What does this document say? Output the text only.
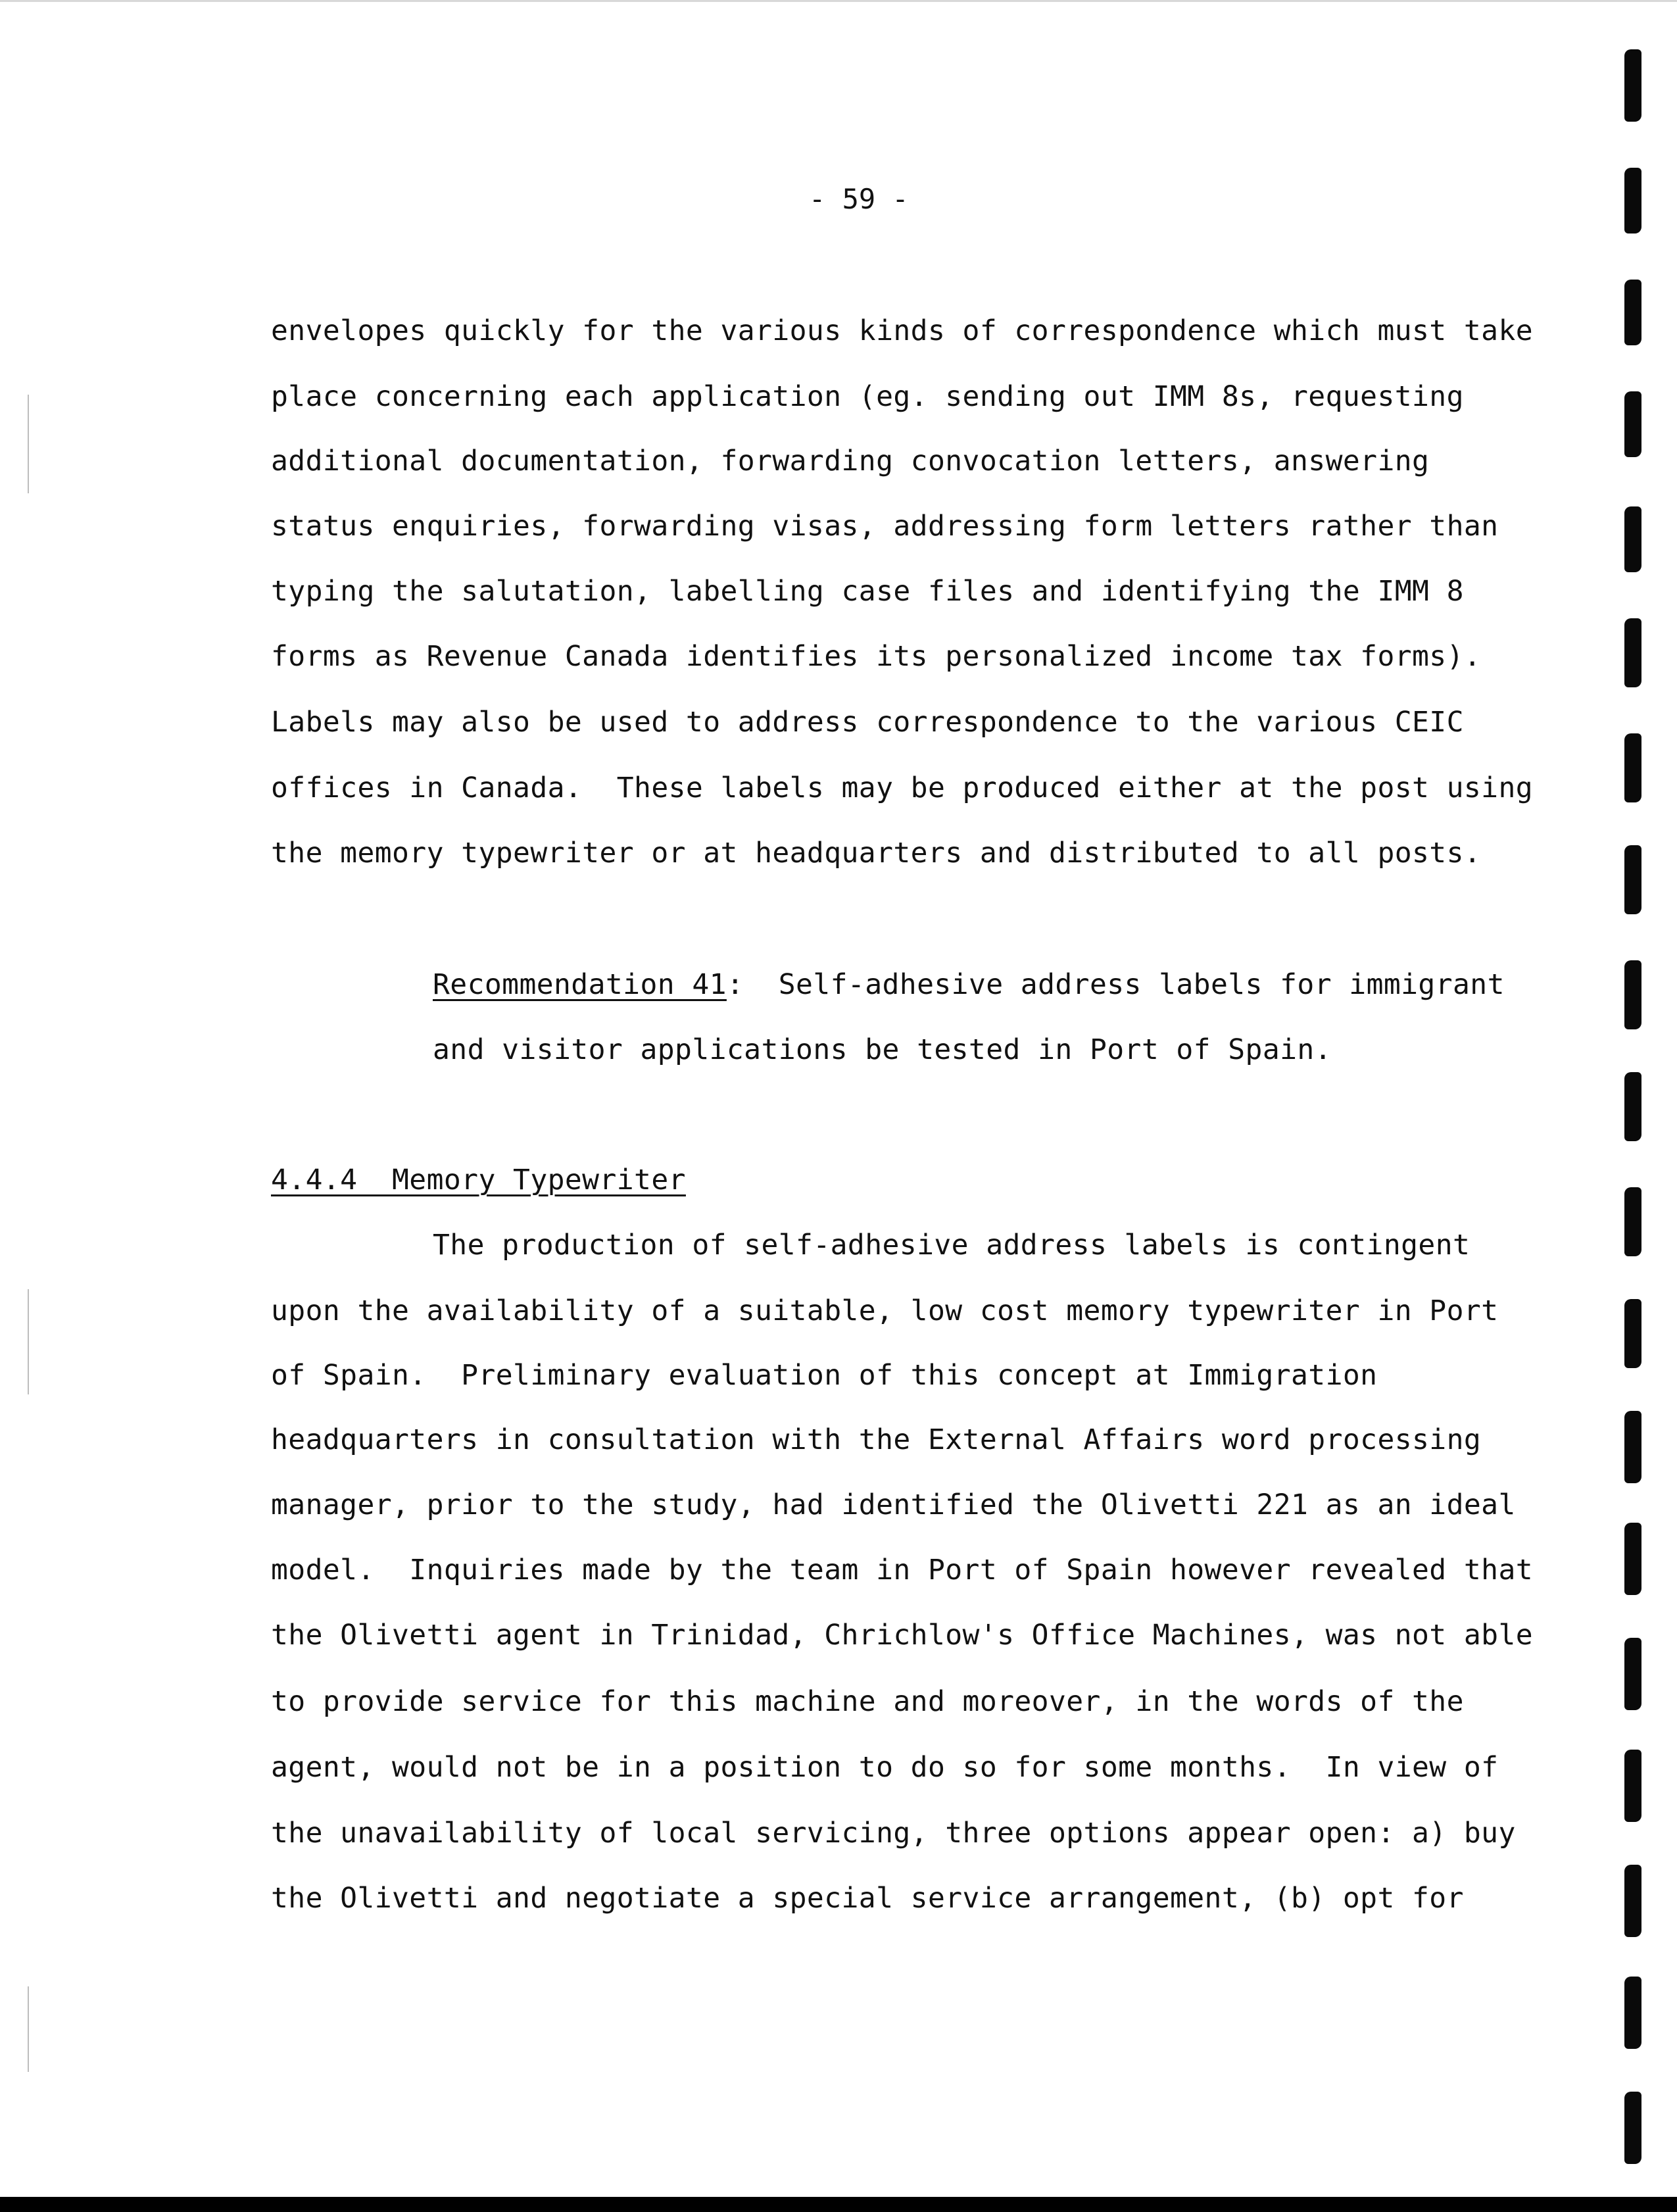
- 59 -
envelopes quickly for the various kinds of correspondence which must take
place concerning each application (eg. sending out IMM 8s, requesting
additional documentation, forwarding convocation letters, answering
status enquiries, forwarding visas, addressing form letters rather than
typing the salutation, labelling case files and identifying the IMM 8
forms as Revenue Canada identifies its personalized income tax forms).
Labels may also be used to address correspondence to the various CEIC
offices in Canada.  These labels may be produced either at the post using
the memory typewriter or at headquarters and distributed to all posts.
Recommendation 41:  Self-adhesive address labels for immigrant
and visitor applications be tested in Port of Spain.
4.4.4  Memory Typewriter
The production of self-adhesive address labels is contingent
upon the availability of a suitable, low cost memory typewriter in Port
of Spain.  Preliminary evaluation of this concept at Immigration
headquarters in consultation with the External Affairs word processing
manager, prior to the study, had identified the Olivetti 221 as an ideal
model.  Inquiries made by the team in Port of Spain however revealed that
the Olivetti agent in Trinidad, Chrichlow's Office Machines, was not able
to provide service for this machine and moreover, in the words of the
agent, would not be in a position to do so for some months.  In view of
the unavailability of local servicing, three options appear open: a) buy
the Olivetti and negotiate a special service arrangement, (b) opt for
